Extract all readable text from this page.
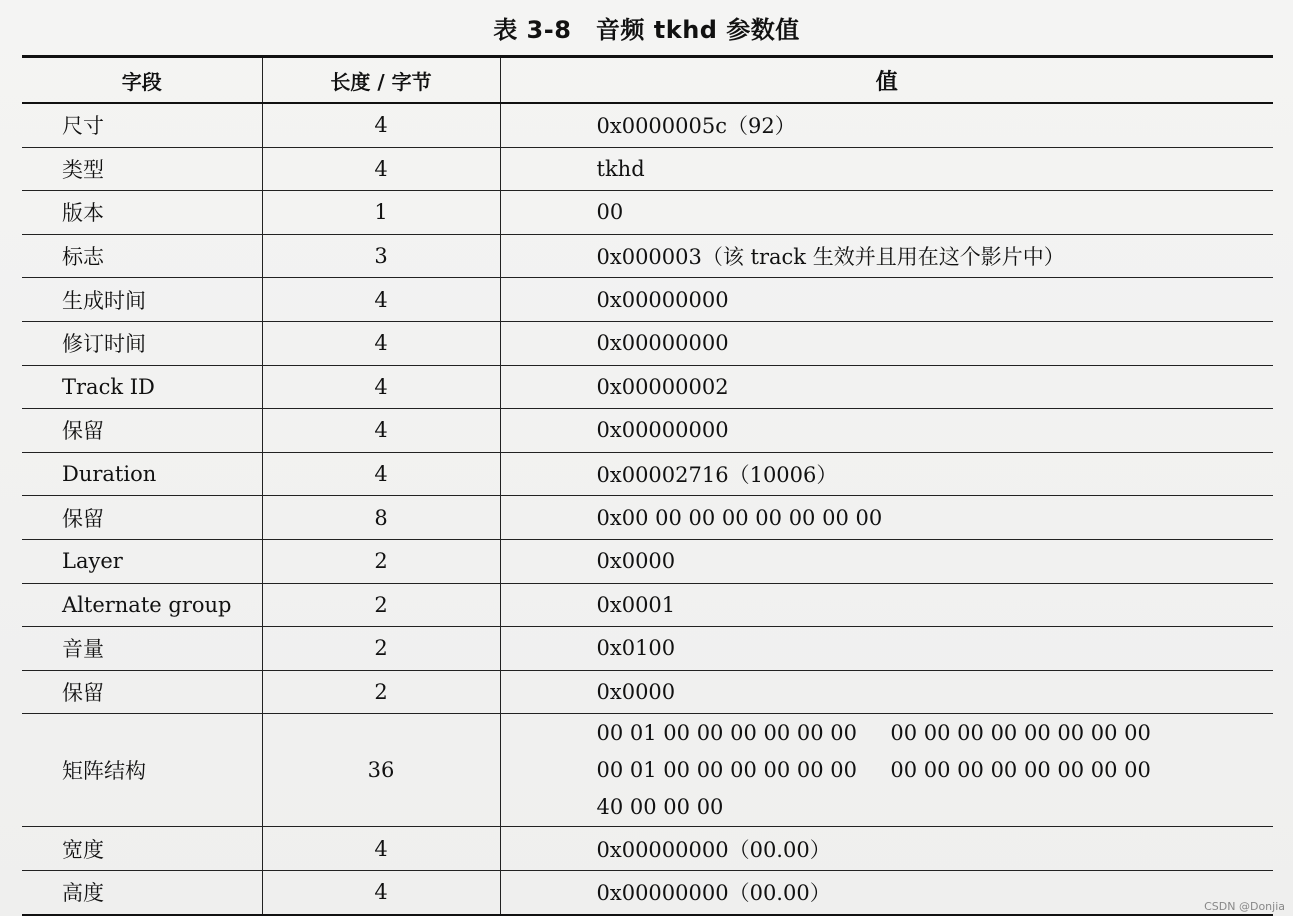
表 3-8　音频 tkhd 参数值
字段	长度 / 字节	值
尺寸	4	0x0000005c（92）
类型	4	tkhd
版本	1	00
标志	3	0x000003（该 track 生效并且用在这个影片中）
生成时间	4	0x00000000
修订时间	4	0x00000000
Track ID	4	0x00000002
保留	4	0x00000000
Duration	4	0x00002716（10006）
保留	8	0x00 00 00 00 00 00 00 00
Layer	2	0x0000
Alternate group	2	0x0001
音量	2	0x0100
保留	2	0x0000
矩阵结构	36	00 01 00 00 00 00 00 00     00 00 00 00 00 00 00 00
00 01 00 00 00 00 00 00     00 00 00 00 00 00 00 00
40 00 00 00

宽度	4	0x00000000（00.00）
高度	4	0x00000000（00.00）
CSDN @Donjia
